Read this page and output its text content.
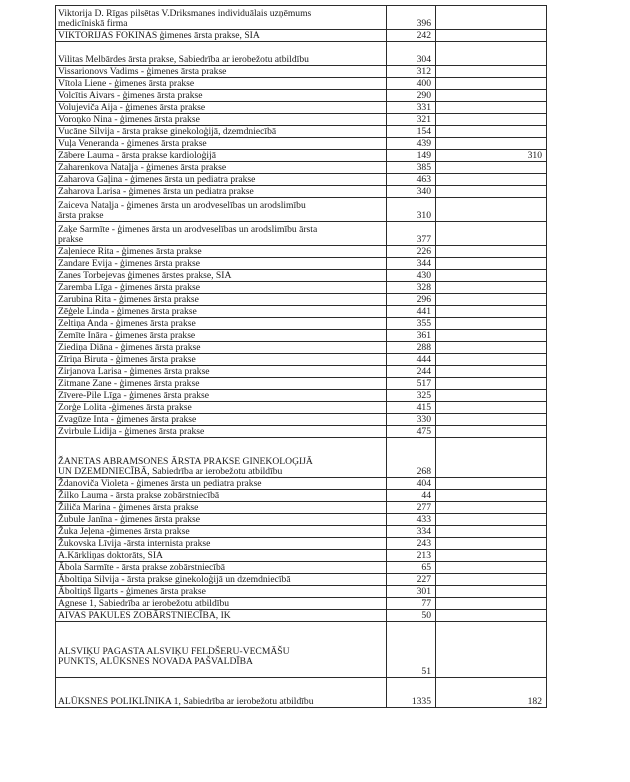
Viktorija D. Rīgas pilsētas V.Driksmanes individuālais uzņēmums
medicīniskā firma	396	

VIKTORIJAS FOKINAS ģimenes ārsta prakse, SIA	242	

Vilitas Melbārdes ārsta prakse, Sabiedrība ar ierobežotu atbildību	304	

Vissarionovs Vadims - ģimenes ārsta prakse	312	

Vītola Liene - ģimenes ārsta prakse	400	

Volcītis Aivars - ģimenes ārsta prakse	290	

Volujeviča Aija - ģimenes ārsta prakse	331	

Voroņko Nina - ģimenes ārsta prakse	321	

Vucāne Silvija - ārsta prakse ginekoloģijā, dzemdniecībā	154	

Vuļa Veneranda - ģimenes ārsta prakse	439	

Zābere Lauma - ārsta prakse kardioloģijā	149	310

Zaharenkova Nataļja - ģimenes ārsta prakse	385	

Zaharova Gaļina - ģimenes ārsta un pediatra prakse	463	

Zaharova Larisa - ģimenes ārsta un pediatra prakse	340	

Zaiceva Nataļja - ģimenes ārsta un arodveselības un arodslimību
ārsta prakse	310	

Zaķe Sarmīte - ģimenes ārsta un arodveselības un arodslimību ārsta
prakse	377	

Zaļeniece Rita - ģimenes ārsta prakse	226	

Zandare Evija - ģimenes ārsta prakse	344	

Zanes Torbejevas ģimenes ārstes prakse, SIA	430	

Zaremba Līga - ģimenes ārsta prakse	328	

Zarubina Rita - ģimenes ārsta prakse	296	

Zēģele Linda - ģimenes ārsta prakse	441	

Zeltiņa Anda - ģimenes ārsta prakse	355	

Zemīte Ināra - ģimenes ārsta prakse	361	

Ziediņa Diāna - ģimenes ārsta prakse	288	

Zīriņa Biruta - ģimenes ārsta prakse	444	

Zirjanova Larisa - ģimenes ārsta prakse	244	

Zitmane Zane - ģimenes ārsta prakse	517	

Zīvere-Pile Līga - ģimenes ārsta prakse	325	

Zorģe Lolita -ģimenes ārsta prakse	415	

Zvagūze Inta - ģimenes ārsta prakse	330	

Zvirbule Lidija - ģimenes ārsta prakse	475	

ŽANETAS ABRAMSONES ĀRSTA PRAKSE GINEKOLOĢIJĀ
UN DZEMDNIECĪBĀ, Sabiedrība ar ierobežotu atbildību	268	

Ždanoviča Violeta - ģimenes ārsta un pediatra prakse	404	

Žilko Lauma - ārsta prakse zobārstniecībā	44	

Žiliča Marina - ģimenes ārsta prakse	277	

Žubule Janīna - ģimenes ārsta prakse	433	

Žuka Jeļena -ģimenes ārsta prakse	334	

Žukovska Līvija -ārsta internista prakse	243	

A.Kārkliņas doktorāts, SIA	213	

Ābola Sarmīte - ārsta prakse zobārstniecībā	65	

Āboltiņa Silvija - ārsta prakse ginekoloģijā un dzemdniecībā	227	

Āboltiņš Ilgarts - ģimenes ārsta prakse	301	

Agnese 1, Sabiedrība ar ierobežotu atbildību	77	

AIVAS PAKULES ZOBĀRSTNIECĪBA, IK	50	

ALSVIĶU PAGASTA ALSVIĶU FELDŠERU-VECMĀŠU
PUNKTS, ALŪKSNES NOVADA PAŠVALDĪBA	51	

ALŪKSNES POLIKLĪNIKA 1, Sabiedrība ar ierobežotu atbildību	1335	182
